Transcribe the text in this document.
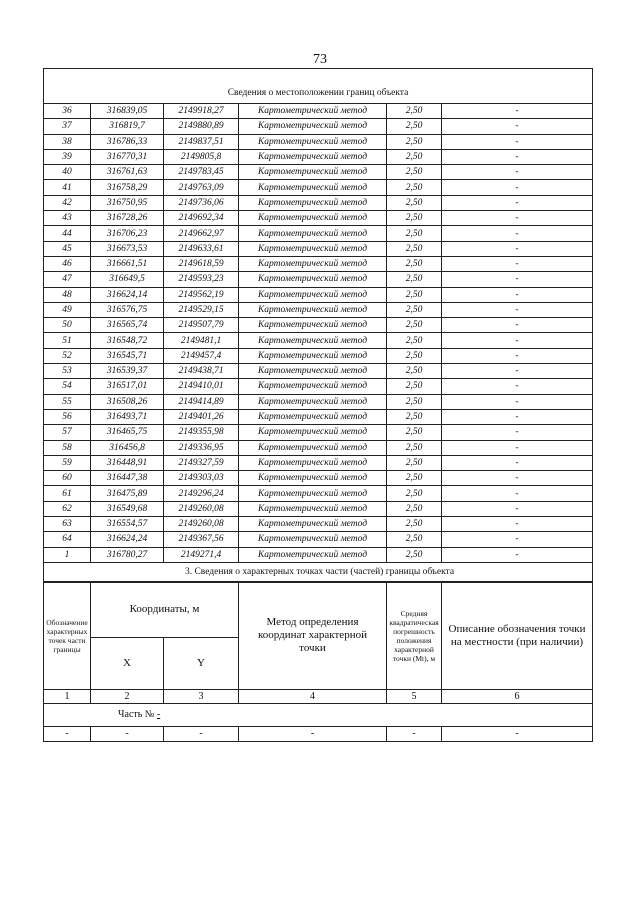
73
Сведения о местоположении границ объекта					
36	316839,05	2149918,27	Картометрический метод	2,50	-
37	316819,7	2149880,89	Картометрический метод	2,50	-
38	316786,33	2149837,51	Картометрический метод	2,50	-
39	316770,31	2149805,8	Картометрический метод	2,50	-
40	316761,63	2149783,45	Картометрический метод	2,50	-
41	316758,29	2149763,09	Картометрический метод	2,50	-
42	316750,95	2149736,06	Картометрический метод	2,50	-
43	316728,26	2149692,34	Картометрический метод	2,50	-
44	316706,23	2149662,97	Картометрический метод	2,50	-
45	316673,53	2149633,61	Картометрический метод	2,50	-
46	316661,51	2149618,59	Картометрический метод	2,50	-
47	316649,5	2149593,23	Картометрический метод	2,50	-
48	316624,14	2149562,19	Картометрический метод	2,50	-
49	316576,75	2149529,15	Картометрический метод	2,50	-
50	316565,74	2149507,79	Картометрический метод	2,50	-
51	316548,72	2149481,1	Картометрический метод	2,50	-
52	316545,71	2149457,4	Картометрический метод	2,50	-
53	316539,37	2149438,71	Картометрический метод	2,50	-
54	316517,01	2149410,01	Картометрический метод	2,50	-
55	316508,26	2149414,89	Картометрический метод	2,50	-
56	316493,71	2149401,26	Картометрический метод	2,50	-
57	316465,75	2149355,98	Картометрический метод	2,50	-
58	316456,8	2149336,95	Картометрический метод	2,50	-
59	316448,91	2149327,59	Картометрический метод	2,50	-
60	316447,38	2149303,03	Картометрический метод	2,50	-
61	316475,89	2149296,24	Картометрический метод	2,50	-
62	316549,68	2149260,08	Картометрический метод	2,50	-
63	316554,57	2149260,08	Картометрический метод	2,50	-
64	316624,24	2149367,56	Картометрический метод	2,50	-
1	316780,27	2149271,4	Картометрический метод	2,50	-
3. Сведения о характерных точках части (частей) границы объекта					
Обозначение характерных точек части границы	Координаты, м		Метод определения координат характерной точки	Средняя квадратическая погрешность положения характерной точки (Mt), м	Описание обозначения точки на местности (при наличии)
	X	Y			
1	2	3	4	5	6
Часть № -					
-	-	-	-	-	-
